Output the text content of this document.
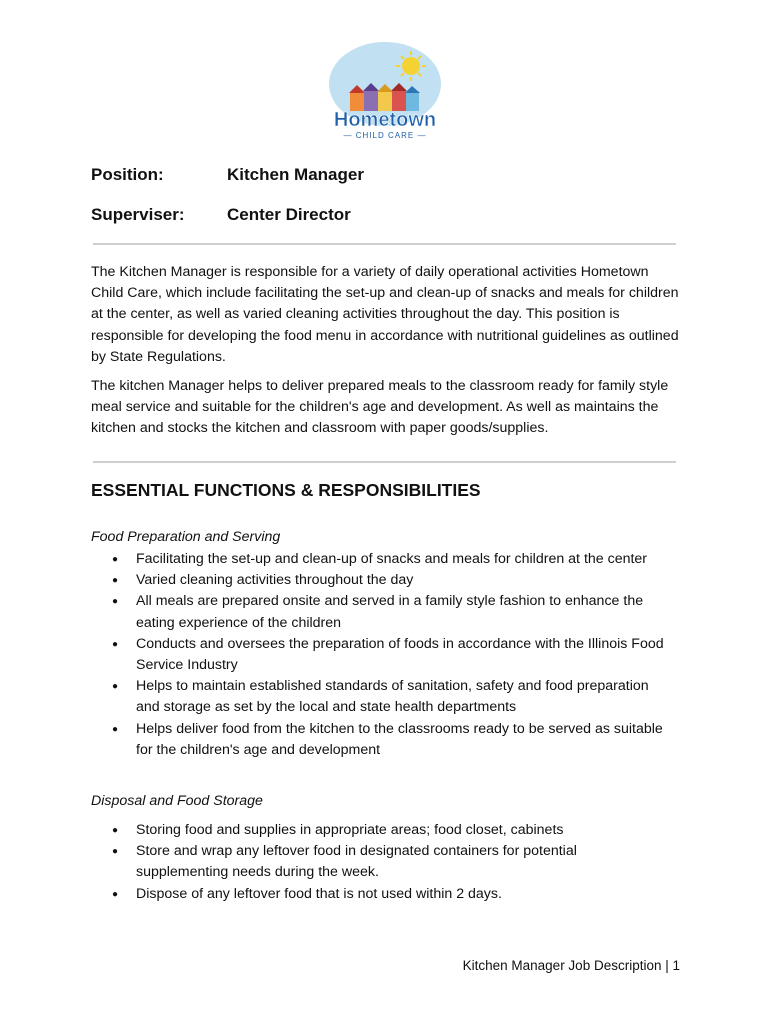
Hometown
— CHILD CARE —
Position:	Kitchen Manager
Superviser: Center Director

The Kitchen Manager is responsible for a variety of daily operational activities Hometown Child Care, which include facilitating the set-up and clean-up of snacks and meals for children at the center, as well as varied cleaning activities throughout the day. This position is responsible for developing the food menu in accordance with nutritional guidelines as outlined by State Regulations.

The kitchen Manager helps to deliver prepared meals to the classroom ready for family style meal service and suitable for the children's age and development. As well as maintains the kitchen and stocks the kitchen and classroom with paper goods/supplies.

ESSENTIAL FUNCTIONS & RESPONSIBILITIES
Food Preparation and Serving
● Facilitating the set-up and clean-up of snacks and meals for children at the center
● Varied cleaning activities throughout the day
● All meals are prepared onsite and served in a family style fashion to enhance the eating experience of the children
● Conducts and oversees the preparation of foods in accordance with the Illinois Food Service Industry
● Helps to maintain established standards of sanitation, safety and food preparation and storage as set by the local and state health departments
● Helps deliver food from the kitchen to the classrooms ready to be served as suitable for the children's age and development
Disposal and Food Storage
● Storing food and supplies in appropriate areas; food closet, cabinets
● Store and wrap any leftover food in designated containers for potential supplementing needs during the week.
● Dispose of any leftover food that is not used within 2 days.
Kitchen Manager Job Description | 1
